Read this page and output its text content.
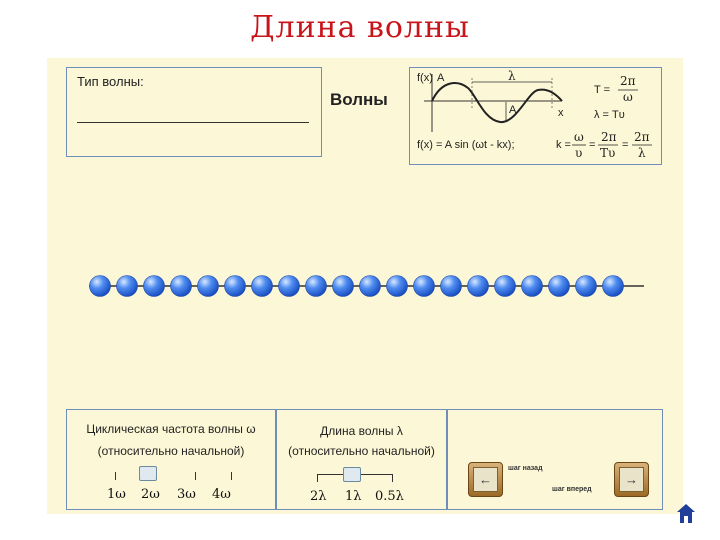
Длина волны
Тип волны:
Волны
f(x) A	λ
A	x
T =
2π
ω
λ = Tυ
f(x) = A sin (ωt - kx);	k =
ω
υ
=
2π
Tυ
=
2π
λ
Циклическая частота волны ω
(относительно начальной)
1ω 2ω 3ω 4ω
Длина волны λ
(относительно начальной)
2λ 1λ 0.5λ
←
шаг назад
шаг вперед
→
